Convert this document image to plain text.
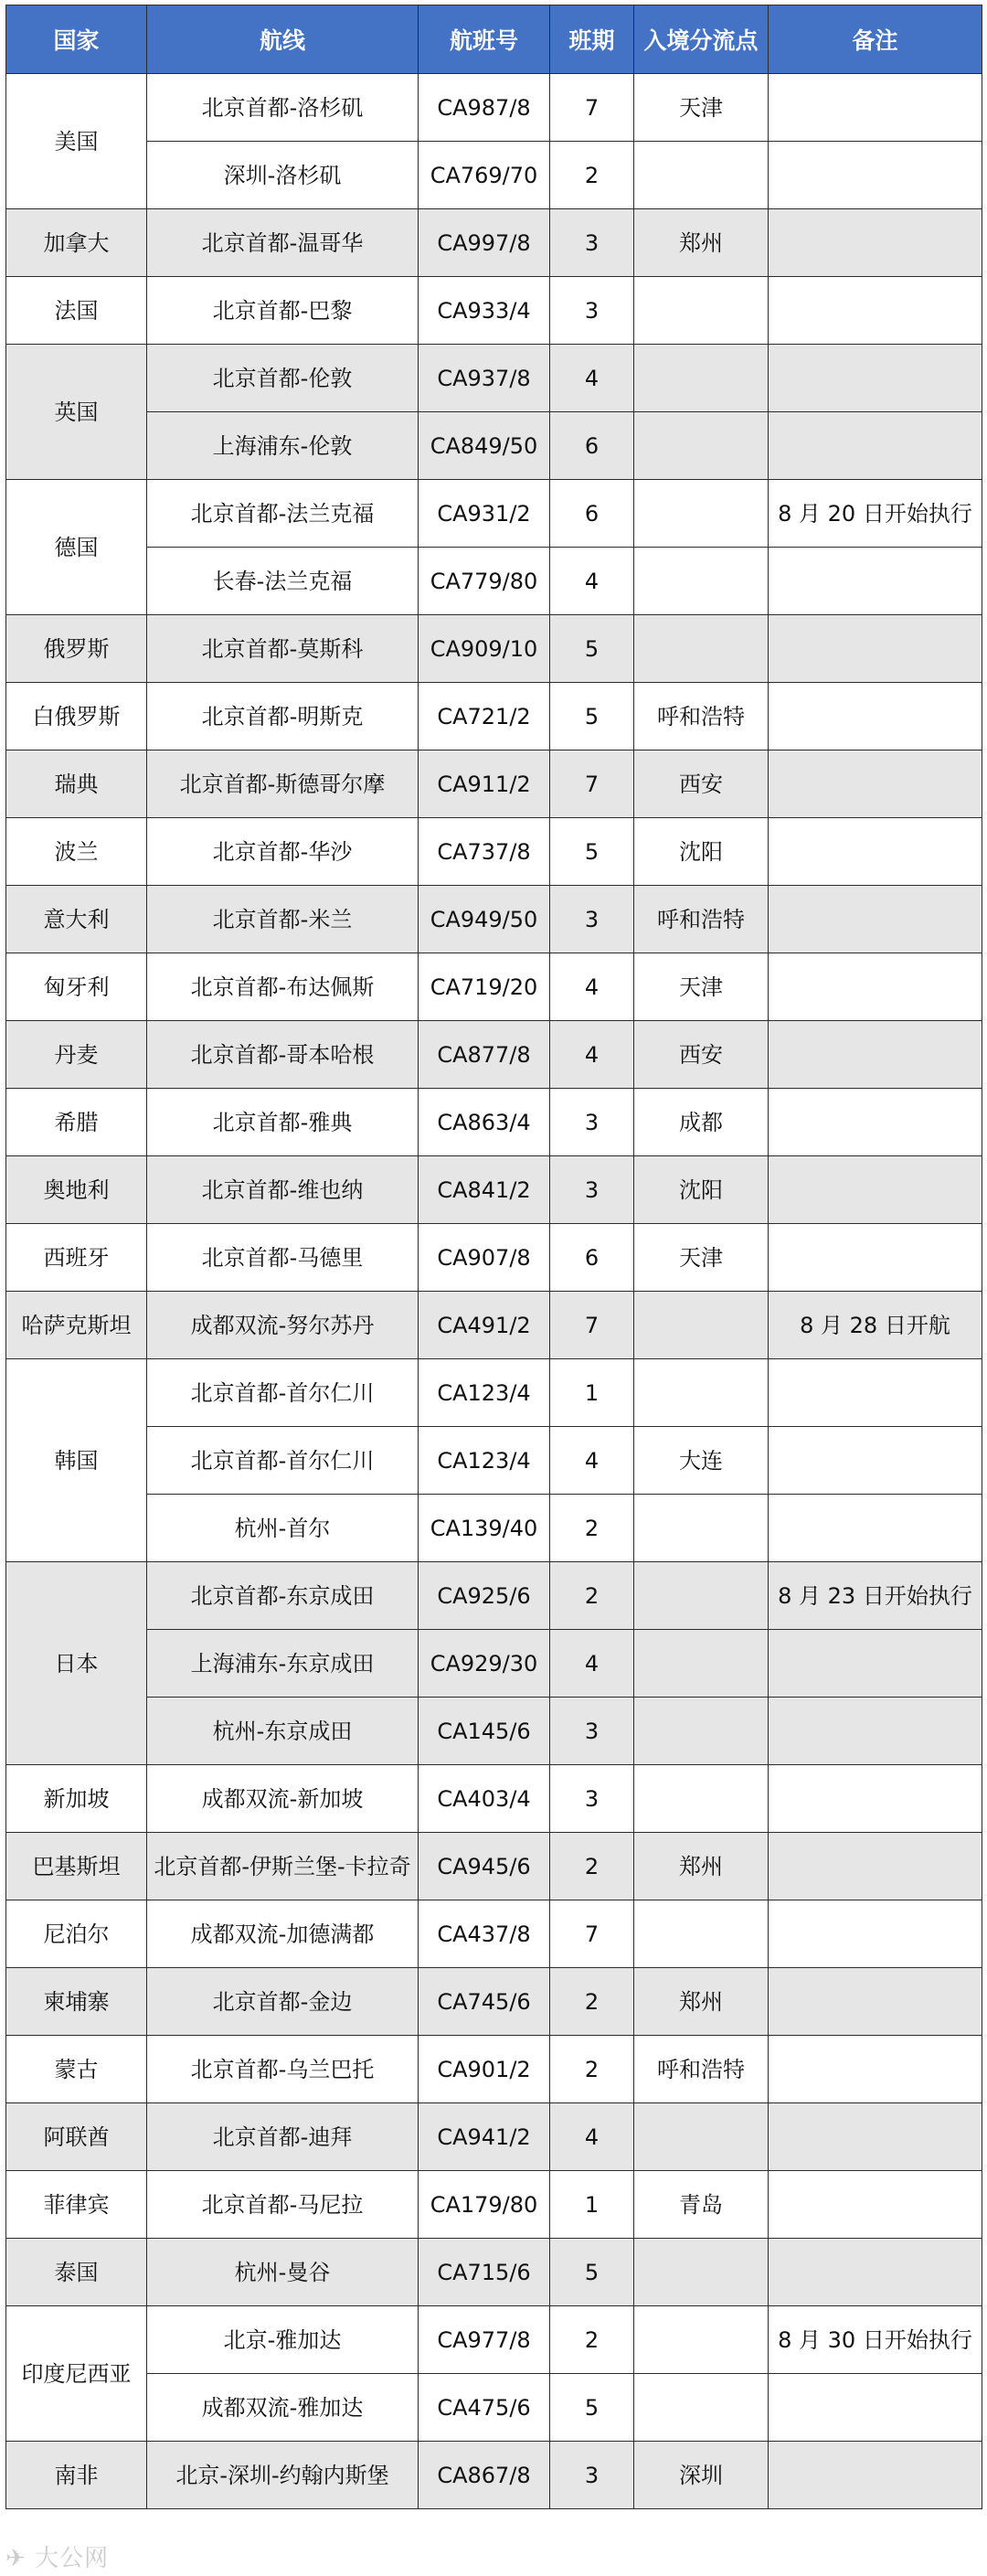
国家	航线	航班号	班期	入境分流点	备注
美国	北京首都-洛杉矶	CA987/8	7	天津	
	深圳-洛杉矶	CA769/70	2		
加拿大	北京首都-温哥华	CA997/8	3	郑州	
法国	北京首都-巴黎	CA933/4	3		
英国	北京首都-伦敦	CA937/8	4		
	上海浦东-伦敦	CA849/50	6		
德国	北京首都-法兰克福	CA931/2	6		8 月 20 日开始执行
	长春-法兰克福	CA779/80	4		
俄罗斯	北京首都-莫斯科	CA909/10	5		
白俄罗斯	北京首都-明斯克	CA721/2	5	呼和浩特	
瑞典	北京首都-斯德哥尔摩	CA911/2	7	西安	
波兰	北京首都-华沙	CA737/8	5	沈阳	
意大利	北京首都-米兰	CA949/50	3	呼和浩特	
匈牙利	北京首都-布达佩斯	CA719/20	4	天津	
丹麦	北京首都-哥本哈根	CA877/8	4	西安	
希腊	北京首都-雅典	CA863/4	3	成都	
奥地利	北京首都-维也纳	CA841/2	3	沈阳	
西班牙	北京首都-马德里	CA907/8	6	天津	
哈萨克斯坦	成都双流-努尔苏丹	CA491/2	7		8 月 28 日开航
韩国	北京首都-首尔仁川	CA123/4	1		
	北京首都-首尔仁川	CA123/4	4	大连	
	杭州-首尔	CA139/40	2		
日本	北京首都-东京成田	CA925/6	2		8 月 23 日开始执行
	上海浦东-东京成田	CA929/30	4		
	杭州-东京成田	CA145/6	3		
新加坡	成都双流-新加坡	CA403/4	3		
巴基斯坦	北京首都-伊斯兰堡-卡拉奇	CA945/6	2	郑州	
尼泊尔	成都双流-加德满都	CA437/8	7		
柬埔寨	北京首都-金边	CA745/6	2	郑州	
蒙古	北京首都-乌兰巴托	CA901/2	2	呼和浩特	
阿联酋	北京首都-迪拜	CA941/2	4		
菲律宾	北京首都-马尼拉	CA179/80	1	青岛	
泰国	杭州-曼谷	CA715/6	5		
印度尼西亚	北京-雅加达	CA977/8	2		8 月 30 日开始执行
	成都双流-雅加达	CA475/6	5		
南非	北京-深圳-约翰内斯堡	CA867/8	3	深圳	
✈ 大公网
